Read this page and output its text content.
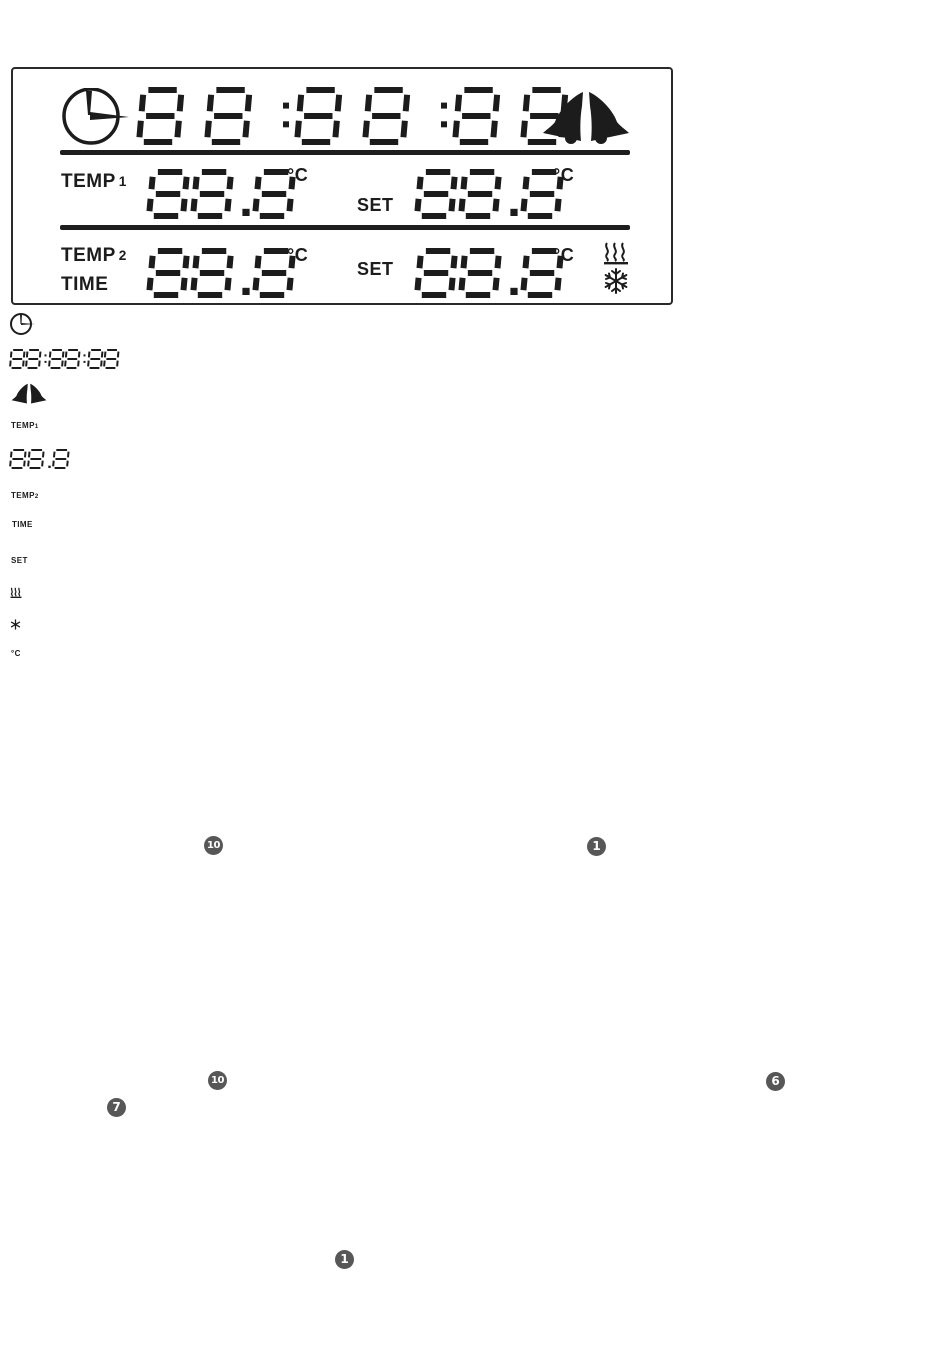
TEMP $_1$	°C
SET
°C
TEMP $_2$
TIME
°C
SET
°C
TEMP1
TEMP2
TIME
SET
°C
10	1
10	6
7
1
